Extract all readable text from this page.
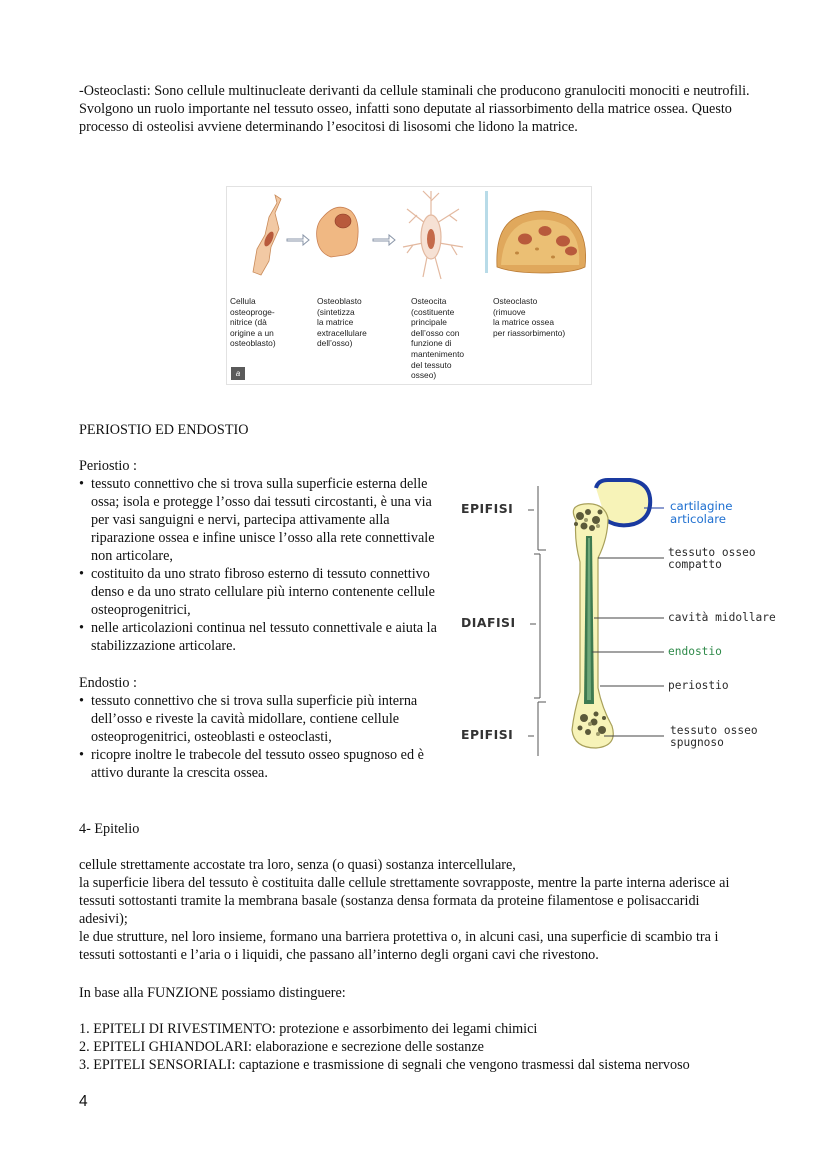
-Osteoclasti: Sono cellule multinucleate derivanti da cellule staminali che producono granulociti monociti e neutrofili. Svolgono un ruolo importante nel tessuto osseo, infatti sono deputate al riassorbimento della matrice ossea. Questo processo di osteolisi avviene determinando l’esocitosi di lisosomi che lidono la matrice.

Cellula
osteoproge-
nitrice (dà
origine a un
osteoblasto)
Osteoblasto
(sintetizza
la matrice
extracellulare
dell’osso)
Osteocita
(costituente
principale
dell’osso con
funzione di
mantenimento
del tessuto
osseo)
Osteoclasto
(rimuove
la matrice ossea
per riassorbimento)
a

PERIOSTIO ED ENDOSTIO

Periostio :

• tessuto connettivo che si trova sulla superficie esterna delle ossa; isola e protegge l’osso dai tessuti circostanti, è una via per vasi sanguigni e nervi, partecipa attivamente alla riparazione ossea e infine unisce l’osso alla rete connettivale non articolare,
• costituito da uno strato fibroso esterno di tessuto connettivo denso e da uno strato cellulare più interno contenente cellule osteoprogenitrici,
• nelle articolazioni continua nel tessuto connettivale e aiuta la stabilizzazione articolare.

Endostio :

• tessuto connettivo che si trova sulla superficie più interna dell’osso e riveste la cavità midollare, contiene cellule osteoprogenitrici, osteoblasti e osteoclasti,
• ricopre inoltre le trabecole del tessuto osseo spugnoso ed è attivo durante la crescita ossea.
EPIFISI
DIAFISI
EPIFISI
cartilagine
articolare
tessuto osseo
compatto
cavità midollare
endostio
periostio
tessuto osseo
spugnoso

4- Epitelio

cellule strettamente accostate tra loro, senza (o quasi) sostanza intercellulare,
la superficie libera del tessuto è costituita dalle cellule strettamente sovrapposte, mentre la parte interna aderisce ai tessuti sottostanti tramite la membrana basale (sostanza densa formata da proteine filamentose e polisaccaridi adesivi);
le due strutture, nel loro insieme, formano una barriera protettiva o, in alcuni casi, una superficie di scambio tra i tessuti sottostanti e l’aria o i liquidi, che passano all’interno degli organi cavi che rivestono.

In base alla FUNZIONE possiamo distinguere:

1. EPITELI DI RIVESTIMENTO: protezione e assorbimento dei legami chimici

2. EPITELI GHIANDOLARI: elaborazione e secrezione delle sostanze

3. EPITELI SENSORIALI: captazione e trasmissione di segnali che vengono trasmessi dal sistema nervoso

4
